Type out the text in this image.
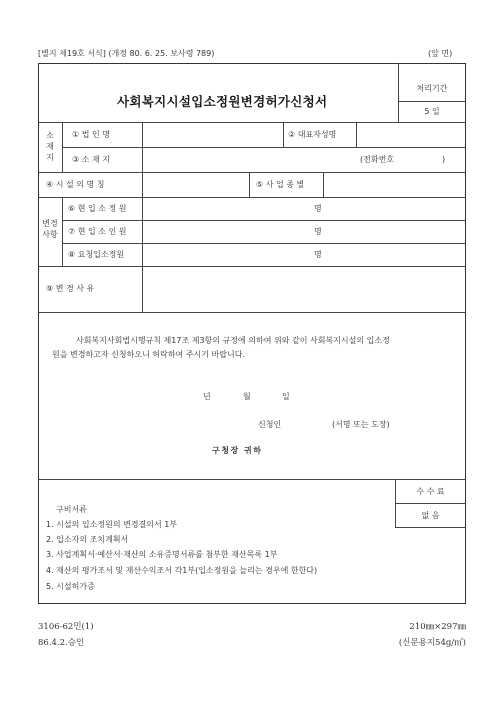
[별지 제19호 서식] (개정 80. 6. 25. 보사령 789)	(앞 면)
사회복지시설입소정원변경허가신청서
처리기간
5 일
소재지
① 법 인 명	② 대표자성명
③ 소 재 지	(전화번호	)
④ 시 설 의 명 칭	⑤ 사 업 종 별
변경사항
⑥ 현 입 소 정 원	명
⑦ 현 입 소 인 원	명
⑧ 요청입소정원	명
⑨ 변 경 사 유
사회복지사회법시행규칙 제17조 제3항의 규정에 의하여 위와 같이 사회복지시설의 입소정
원을 변경하고자 신청하오니 허락하여 주시기 바랍니다.
년	월	일
신청인	(서명 또는 도장)
구청장 귀하
수 수 료
없 음
구비서류
1. 시설의 입소정원의 변경결의서 1부
2. 입소자의 조치계획서
3. 사업계획서·예산서·재산의 소유증명서류를 첨부한 재산목록 1부
4. 재산의 평가조서 및 재산수익조서 각1부(입소정원을 늘리는 경우에 한한다)
5. 시설허가증
3106-62민(1)
86.4.2.승인
210㎜×297㎜
(신문용지54g/㎡)
